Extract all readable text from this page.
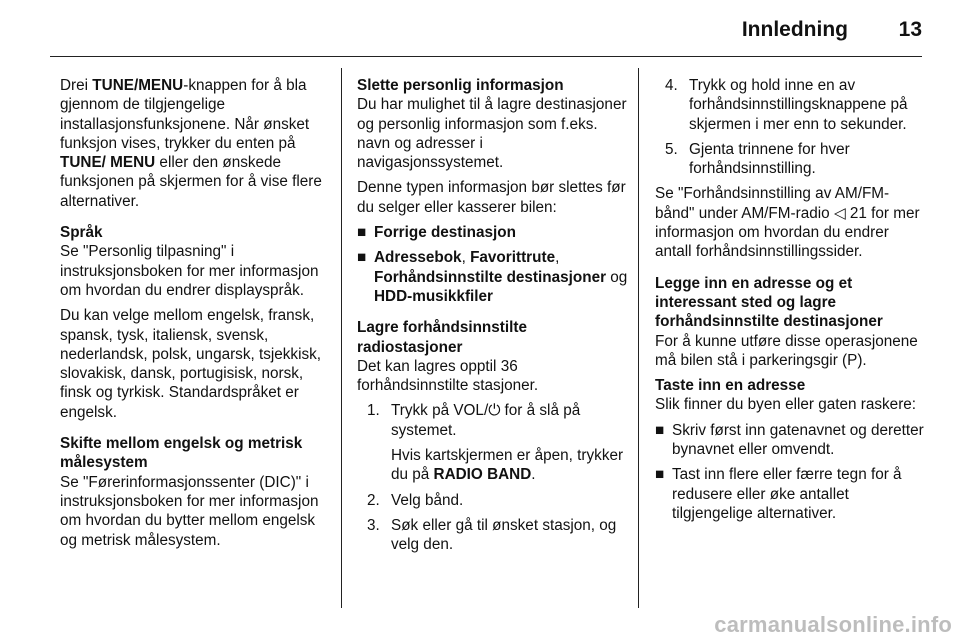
Innledning	13

Drei TUNE/MENU-knappen for å bla gjennom de tilgjengelige installasjonsfunksjonene. Når ønsket funksjon vises, trykker du enten på TUNE/ MENU eller den ønskede funksjonen på skjermen for å vise flere alternativer.

Språk

Se "Personlig tilpasning" i instruksjonsboken for mer informasjon om hvordan du endrer displayspråk.

Du kan velge mellom engelsk, fransk, spansk, tysk, italiensk, svensk, nederlandsk, polsk, ungarsk, tsjekkisk, slovakisk, dansk, portugisisk, norsk, finsk og tyrkisk. Standardspråket er engelsk.

Skifte mellom engelsk og metrisk målesystem

Se "Førerinformasjonssenter (DIC)" i instruksjonsboken for mer informasjon om hvordan du bytter mellom engelsk og metrisk målesystem.

Slette personlig informasjon

Du har mulighet til å lagre destinasjoner og personlig informasjon som f.eks. navn og adresser i navigasjonssystemet.

Denne typen informasjon bør slettes før du selger eller kasserer bilen:

■ Forrige destinasjon
■ Adressebok, Favorittrute, Forhåndsinnstilte destinasjoner og HDD-musikkfiler
Lagre forhåndsinnstilte radiostasjoner

Det kan lagres opptil 36 forhåndsinnstilte stasjoner.

1. Trykk på VOL/⏻ for å slå på systemet.

Hvis kartskjermen er åpen, trykker du på RADIO BAND.

2. Velg bånd.
3. Søk eller gå til ønsket stasjon, og velg den.
4. Trykk og hold inne en av forhåndsinnstillingsknappene på skjermen i mer enn to sekunder.
5. Gjenta trinnene for hver forhåndsinnstilling.

Se "Forhåndsinnstilling av AM/FM-bånd" under AM/FM-radio ◁ 21 for mer informasjon om hvordan du endrer antall forhåndsinnstillingssider.

Legge inn en adresse og et interessant sted og lagre forhåndsinnstilte destinasjoner

For å kunne utføre disse operasjonene må bilen stå i parkeringsgir (P).

Taste inn en adresse

Slik finner du byen eller gaten raskere:

■ Skriv først inn gatenavnet og deretter bynavnet eller omvendt.
■ Tast inn flere eller færre tegn for å redusere eller øke antallet tilgjengelige alternativer.
carmanualsonline.info
